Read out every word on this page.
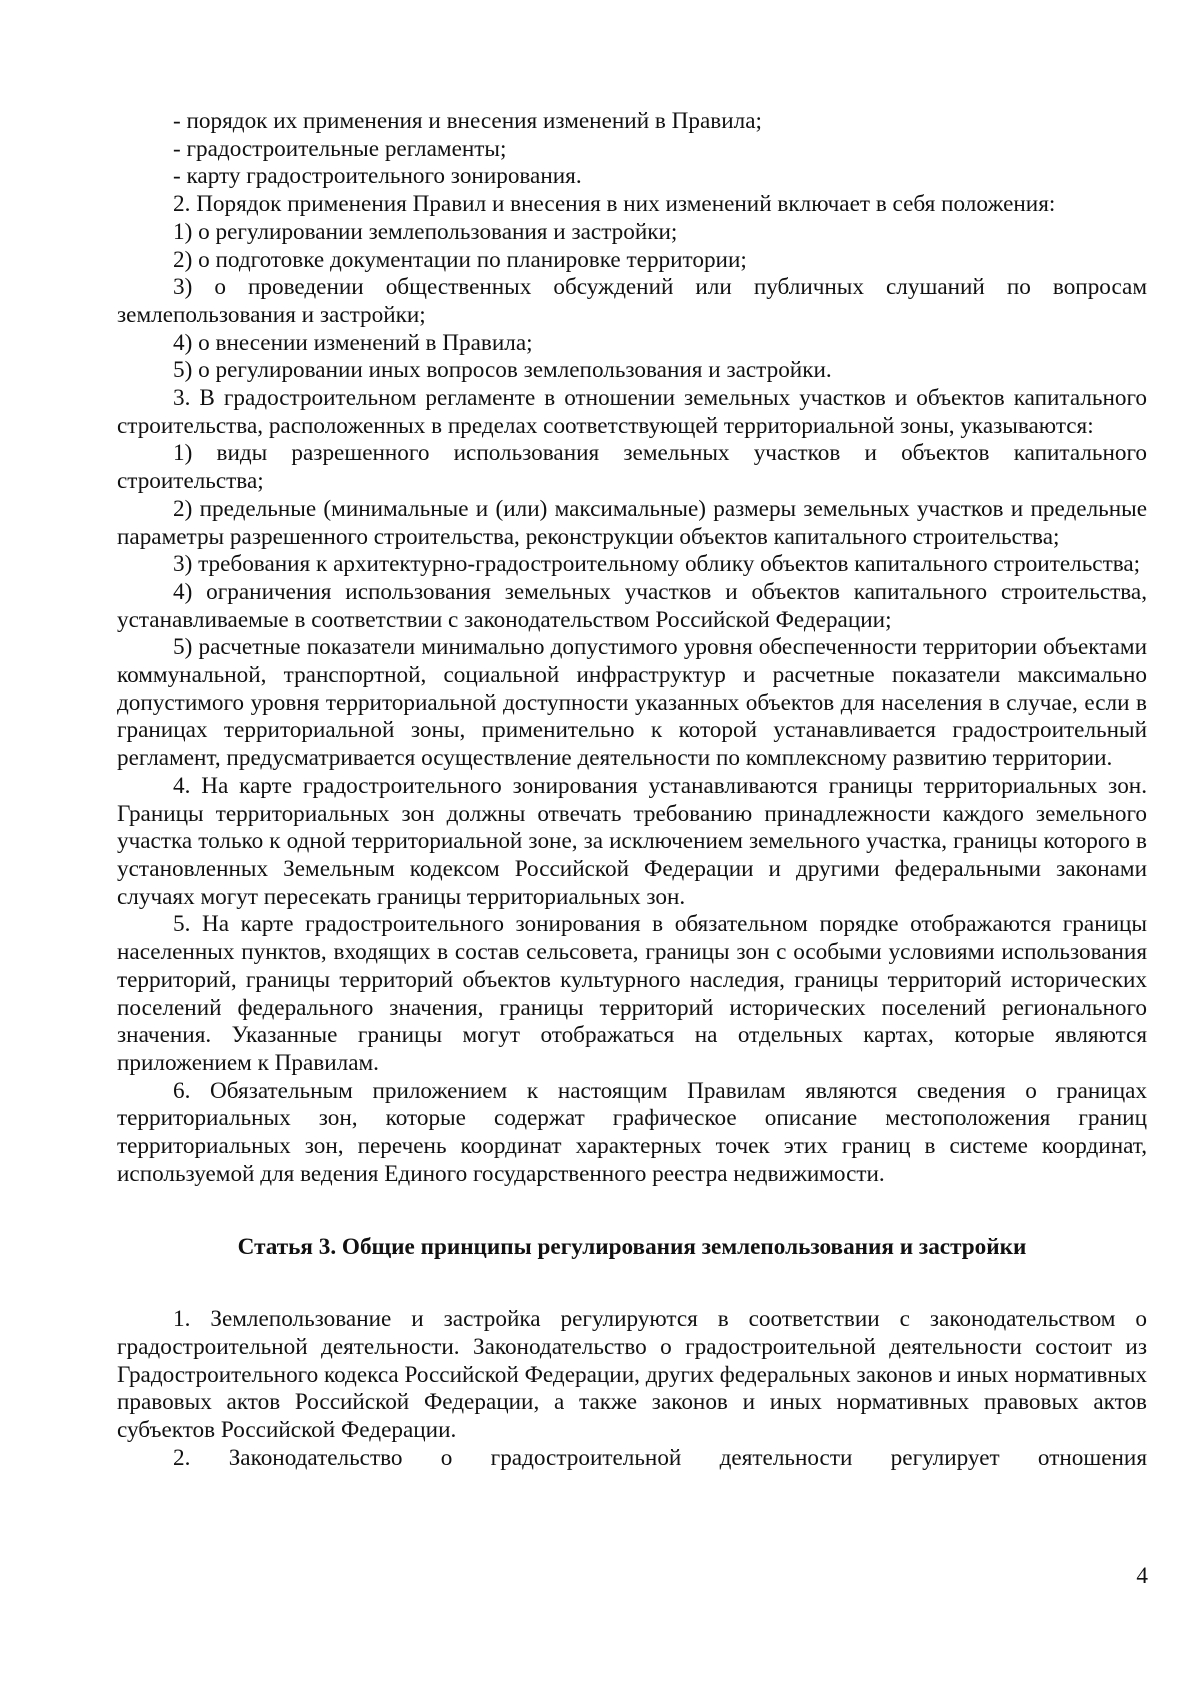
- порядок их применения и внесения изменений в Правила;

- градостроительные регламенты;

- карту градостроительного зонирования.

2. Порядок применения Правил и внесения в них изменений включает в себя положения:

1) о регулировании землепользования и застройки;

2) о подготовке документации по планировке территории;

3) о проведении общественных обсуждений или публичных слушаний по вопросам землепользования и застройки;

4) о внесении изменений в Правила;

5) о регулировании иных вопросов землепользования и застройки.

3. В градостроительном регламенте в отношении земельных участков и объектов капитального строительства, расположенных в пределах соответствующей территориальной зоны, указываются:

1) виды разрешенного использования земельных участков и объектов капитального строительства;

2) предельные (минимальные и (или) максимальные) размеры земельных участков и предельные параметры разрешенного строительства, реконструкции объектов капитального строительства;

3) требования к архитектурно-градостроительному облику объектов капитального строительства;

4) ограничения использования земельных участков и объектов капитального строительства, устанавливаемые в соответствии с законодательством Российской Федерации;

5) расчетные показатели минимально допустимого уровня обеспеченности территории объектами коммунальной, транспортной, социальной инфраструктур и расчетные показатели максимально допустимого уровня территориальной доступности указанных объектов для населения в случае, если в границах территориальной зоны, применительно к которой устанавливается градостроительный регламент, предусматривается осуществление деятельности по комплексному развитию территории.

4. На карте градостроительного зонирования устанавливаются границы территориальных зон. Границы территориальных зон должны отвечать требованию принадлежности каждого земельного участка только к одной территориальной зоне, за исключением земельного участка, границы которого в установленных Земельным кодексом Российской Федерации и другими федеральными законами случаях могут пересекать границы территориальных зон.

5. На карте градостроительного зонирования в обязательном порядке отображаются границы населенных пунктов, входящих в состав сельсовета, границы зон с особыми условиями использования территорий, границы территорий объектов культурного наследия, границы территорий исторических поселений федерального значения, границы территорий исторических поселений регионального значения. Указанные границы могут отображаться на отдельных картах, которые являются приложением к Правилам.

6. Обязательным приложением к настоящим Правилам являются сведения о границах территориальных зон, которые содержат графическое описание местоположения границ территориальных зон, перечень координат характерных точек этих границ в системе координат, используемой для ведения Единого государственного реестра недвижимости.

Статья 3. Общие принципы регулирования землепользования и застройки

1. Землепользование и застройка регулируются в соответствии с законодательством о градостроительной деятельности. Законодательство о градостроительной деятельности состоит из Градостроительного кодекса Российской Федерации, других федеральных законов и иных нормативных правовых актов Российской Федерации, а также законов и иных нормативных правовых актов субъектов Российской Федерации.

2. Законодательство о градостроительной деятельности регулирует отношения

4
